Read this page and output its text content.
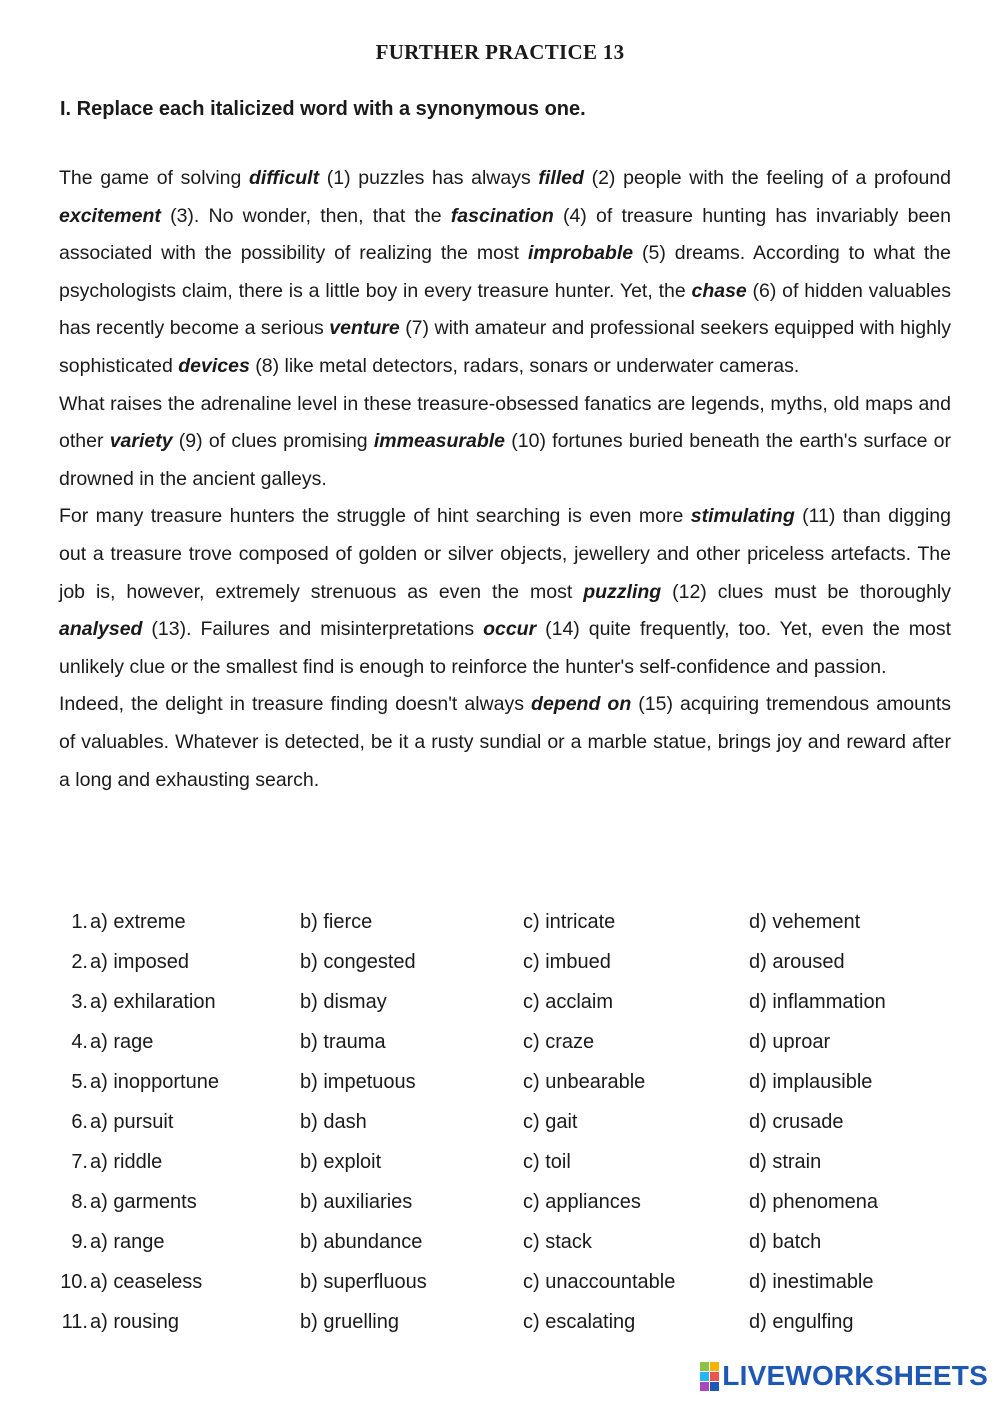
FURTHER PRACTICE 13
I. Replace each italicized word with a synonymous one.

The game of solving difficult (1) puzzles has always filled (2) people with the feeling of a profound excitement (3). No wonder, then, that the fascination (4) of treasure hunting has invariably been associated with the possibility of realizing the most improbable (5) dreams. According to what the psychologists claim, there is a little boy in every treasure hunter. Yet, the chase (6) of hidden valuables has recently become a serious venture (7) with amateur and professional seekers equipped with highly sophisticated devices (8) like metal detectors, radars, sonars or underwater cameras.

What raises the adrenaline level in these treasure-obsessed fanatics are legends, myths, old maps and other variety (9) of clues promising immeasurable (10) fortunes buried beneath the earth's surface or drowned in the ancient galleys.

For many treasure hunters the struggle of hint searching is even more stimulating (11) than digging out a treasure trove composed of golden or silver objects, jewellery and other priceless artefacts. The job is, however, extremely strenuous as even the most puzzling (12) clues must be thoroughly analysed (13). Failures and misinterpretations occur (14) quite frequently, too. Yet, even the most unlikely clue or the smallest find is enough to reinforce the hunter's self-confidence and passion.

Indeed, the delight in treasure finding doesn't always depend on (15) acquiring tremendous amounts of valuables. Whatever is detected, be it a rusty sundial or a marble statue, brings joy and reward after a long and exhausting search.

1. a) extreme	b) fierce	c) intricate	d) vehement
2. a) imposed	b) congested	c) imbued	d) aroused
3. a) exhilaration	b) dismay	c) acclaim	d) inflammation
4. a) rage	b) trauma	c) craze	d) uproar
5. a) inopportune	b) impetuous	c) unbearable	d) implausible
6. a) pursuit	b) dash	c) gait	d) crusade
7. a) riddle	b) exploit	c) toil	d) strain
8. a) garments	b) auxiliaries	c) appliances	d) phenomena
9. a) range	b) abundance	c) stack	d) batch
10. a) ceaseless	b) superfluous	c) unaccountable	d) inestimable
11. a) rousing	b) gruelling	c) escalating	d) engulfing
LIVEWORKSHEETS
